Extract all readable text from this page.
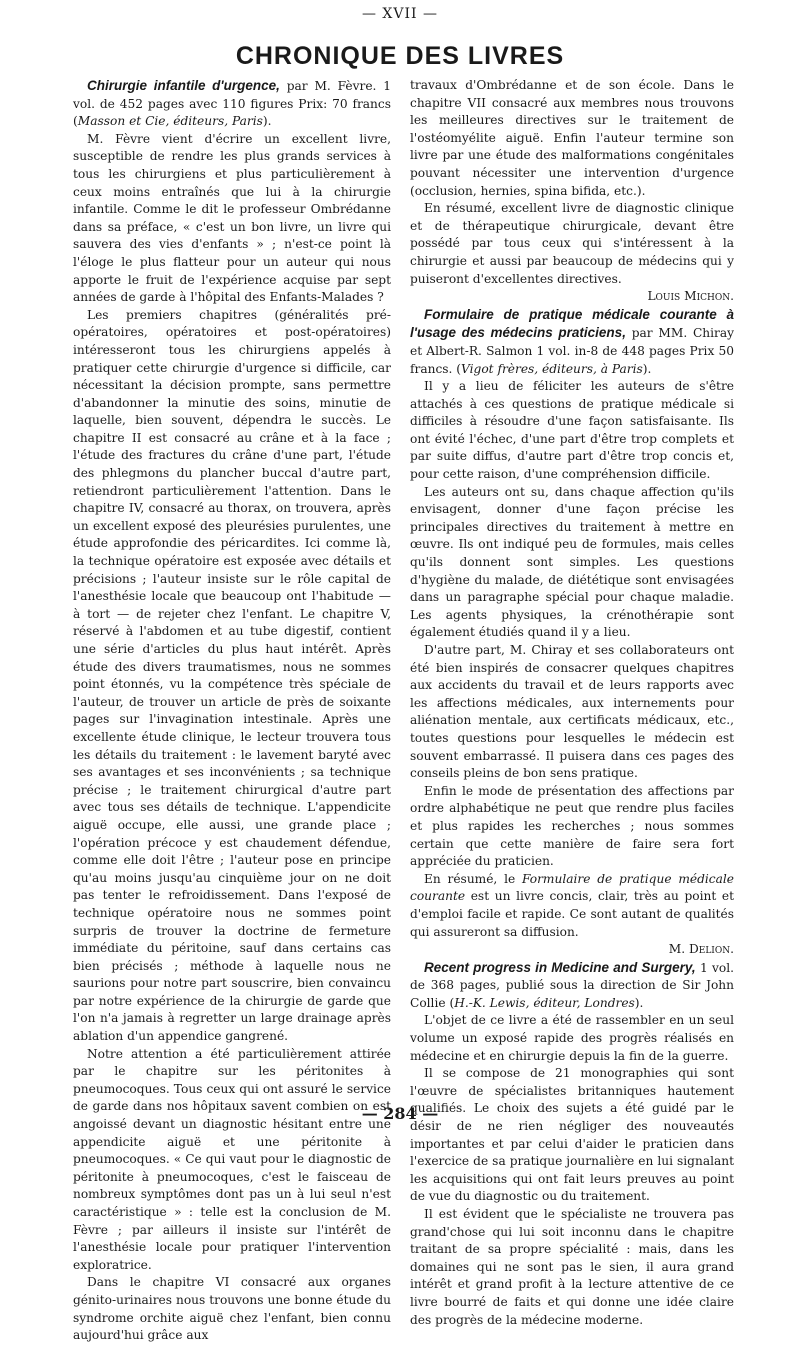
— XVII —
CHRONIQUE DES LIVRES

Chirurgie infantile d'urgence, par M. Fèvre. 1 vol. de 452 pages avec 110 figures Prix: 70 francs (Masson et Cie, éditeurs, Paris).

M. Fèvre vient d'écrire un excellent livre, susceptible de rendre les plus grands services à tous les chirurgiens et plus particulièrement à ceux moins entraînés que lui à la chirurgie infantile. Comme le dit le professeur Ombrédanne dans sa préface, « c'est un bon livre, un livre qui sauvera des vies d'enfants » ; n'est-ce point là l'éloge le plus flatteur pour un auteur qui nous apporte le fruit de l'expérience acquise par sept années de garde à l'hôpital des Enfants-Malades ?

Les premiers chapitres (généralités pré-opératoires, opératoires et post-opératoires) intéresseront tous les chirurgiens appelés à pratiquer cette chirurgie d'urgence si difficile, car nécessitant la décision prompte, sans permettre d'abandonner la minutie des soins, minutie de laquelle, bien souvent, dépendra le succès. Le chapitre II est consacré au crâne et à la face ; l'étude des fractures du crâne d'une part, l'étude des phlegmons du plancher buccal d'autre part, retiendront particulièrement l'attention. Dans le chapitre IV, consacré au thorax, on trouvera, après un excellent exposé des pleurésies purulentes, une étude approfondie des péricardites. Ici comme là, la technique opératoire est exposée avec détails et précisions ; l'auteur insiste sur le rôle capital de l'anesthésie locale que beaucoup ont l'habitude — à tort — de rejeter chez l'enfant. Le chapitre V, réservé à l'abdomen et au tube digestif, contient une série d'articles du plus haut intérêt. Après étude des divers traumatismes, nous ne sommes point étonnés, vu la compétence très spéciale de l'auteur, de trouver un article de près de soixante pages sur l'invagination intestinale. Après une excellente étude clinique, le lecteur trouvera tous les détails du traitement : le lavement baryté avec ses avantages et ses inconvénients ; sa technique précise ; le traitement chirurgical d'autre part avec tous ses détails de technique. L'appendicite aiguë occupe, elle aussi, une grande place ; l'opération précoce y est chaudement défendue, comme elle doit l'être ; l'auteur pose en principe qu'au moins jusqu'au cinquième jour on ne doit pas tenter le refroidissement. Dans l'exposé de technique opératoire nous ne sommes point surpris de trouver la doctrine de fermeture immédiate du péritoine, sauf dans certains cas bien précisés ; méthode à laquelle nous ne saurions pour notre part souscrire, bien convaincu par notre expérience de la chirurgie de garde que l'on n'a jamais à regretter un large drainage après ablation d'un appendice gangrené.

Notre attention a été particulièrement attirée par le chapitre sur les péritonites à pneumocoques. Tous ceux qui ont assuré le service de garde dans nos hôpitaux savent combien on est angoissé devant un diagnostic hésitant entre une appendicite aiguë et une péritonite à pneumocoques. « Ce qui vaut pour le diagnostic de péritonite à pneumocoques, c'est le faisceau de nombreux symptômes dont pas un à lui seul n'est caractéristique » : telle est la conclusion de M. Fèvre ; par ailleurs il insiste sur l'intérêt de l'anesthésie locale pour pratiquer l'intervention exploratrice.

Dans le chapitre VI consacré aux organes génito-urinaires nous trouvons une bonne étude du syndrome orchite aiguë chez l'enfant, bien connu aujourd'hui grâce aux

travaux d'Ombrédanne et de son école. Dans le chapitre VII consacré aux membres nous trouvons les meilleures directives sur le traitement de l'ostéomyélite aiguë. Enfin l'auteur termine son livre par une étude des malformations congénitales pouvant nécessiter une intervention d'urgence (occlusion, hernies, spina bifida, etc.).

En résumé, excellent livre de diagnostic clinique et de thérapeutique chirurgicale, devant être possédé par tous ceux qui s'intéressent à la chirurgie et aussi par beaucoup de médecins qui y puiseront d'excellentes directives.

Louis Michon.

Formulaire de pratique médicale courante à l'usage des médecins praticiens, par MM. Chiray et Albert-R. Salmon 1 vol. in-8 de 448 pages Prix 50 francs. (Vigot frères, éditeurs, à Paris).

Il y a lieu de féliciter les auteurs de s'être attachés à ces questions de pratique médicale si difficiles à résoudre d'une façon satisfaisante. Ils ont évité l'échec, d'une part d'être trop complets et par suite diffus, d'autre part d'être trop concis et, pour cette raison, d'une compréhension difficile.

Les auteurs ont su, dans chaque affection qu'ils envisagent, donner d'une façon précise les principales directives du traitement à mettre en œuvre. Ils ont indiqué peu de formules, mais celles qu'ils donnent sont simples. Les questions d'hygiène du malade, de diététique sont envisagées dans un paragraphe spécial pour chaque maladie. Les agents physiques, la crénothérapie sont également étudiés quand il y a lieu.

D'autre part, M. Chiray et ses collaborateurs ont été bien inspirés de consacrer quelques chapitres aux accidents du travail et de leurs rapports avec les affections médicales, aux internements pour aliénation mentale, aux certificats médicaux, etc., toutes questions pour lesquelles le médecin est souvent embarrassé. Il puisera dans ces pages des conseils pleins de bon sens pratique.

Enfin le mode de présentation des affections par ordre alphabétique ne peut que rendre plus faciles et plus rapides les recherches ; nous sommes certain que cette manière de faire sera fort appréciée du praticien.

En résumé, le Formulaire de pratique médicale courante est un livre concis, clair, très au point et d'emploi facile et rapide. Ce sont autant de qualités qui assureront sa diffusion.

M. Delion.

Recent progress in Medicine and Surgery, 1 vol. de 368 pages, publié sous la direction de Sir John Collie (H.-K. Lewis, éditeur, Londres).

L'objet de ce livre a été de rassembler en un seul volume un exposé rapide des progrès réalisés en médecine et en chirurgie depuis la fin de la guerre.

Il se compose de 21 monographies qui sont l'œuvre de spécialistes britanniques hautement qualifiés. Le choix des sujets a été guidé par le désir de ne rien négliger des nouveautés importantes et par celui d'aider le praticien dans l'exercice de sa pratique journalière en lui signalant les acquisitions qui ont fait leurs preuves au point de vue du diagnostic ou du traitement.

Il est évident que le spécialiste ne trouvera pas grand'chose qui lui soit inconnu dans le chapitre traitant de sa propre spécialité : mais, dans les domaines qui ne sont pas le sien, il aura grand intérêt et grand profit à la lecture attentive de ce livre bourré de faits et qui donne une idée claire des progrès de la médecine moderne.

— 284 —
